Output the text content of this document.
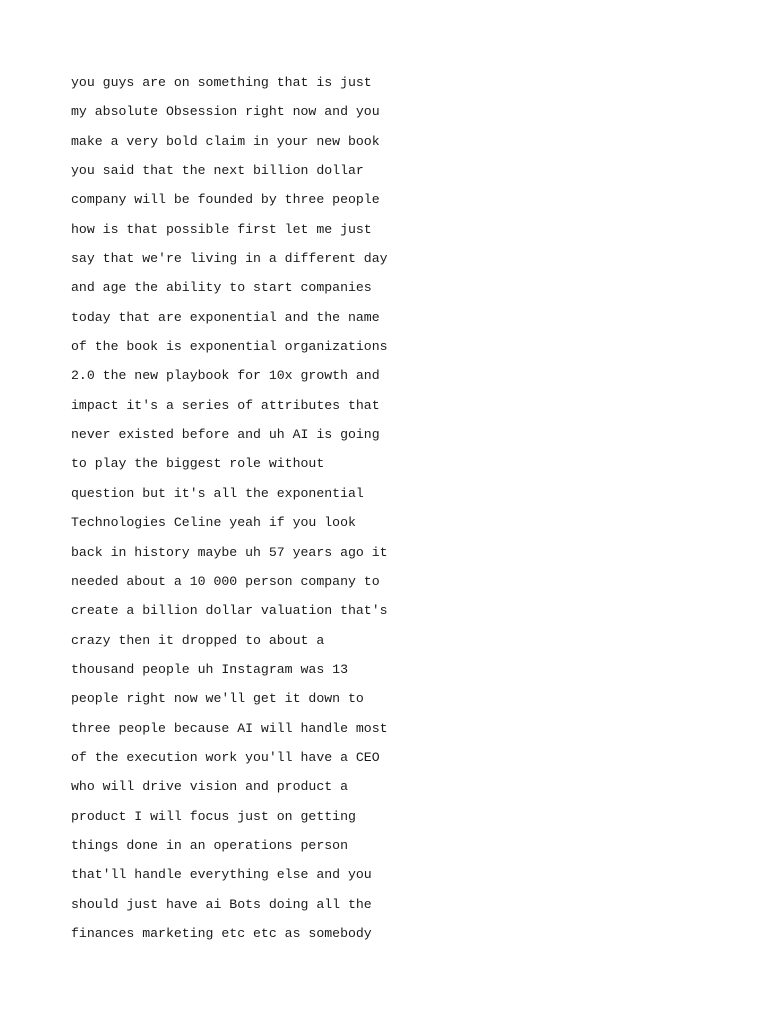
you guys are on something that is just
my absolute Obsession right now and you
make a very bold claim in your new book
you said that the next billion dollar
company will be founded by three people
how is that possible first let me just
say that we're living in a different day
and age the ability to start companies
today that are exponential and the name
of the book is exponential organizations
2.0 the new playbook for 10x growth and
impact it's a series of attributes that
never existed before and uh AI is going
to play the biggest role without
question but it's all the exponential
Technologies Celine yeah if you look
back in history maybe uh 57 years ago it
needed about a 10 000 person company to
create a billion dollar valuation that's
crazy then it dropped to about a
thousand people uh Instagram was 13
people right now we'll get it down to
three people because AI will handle most
of the execution work you'll have a CEO
who will drive vision and product a
product I will focus just on getting
things done in an operations person
that'll handle everything else and you
should just have ai Bots doing all the
finances marketing etc etc as somebody
